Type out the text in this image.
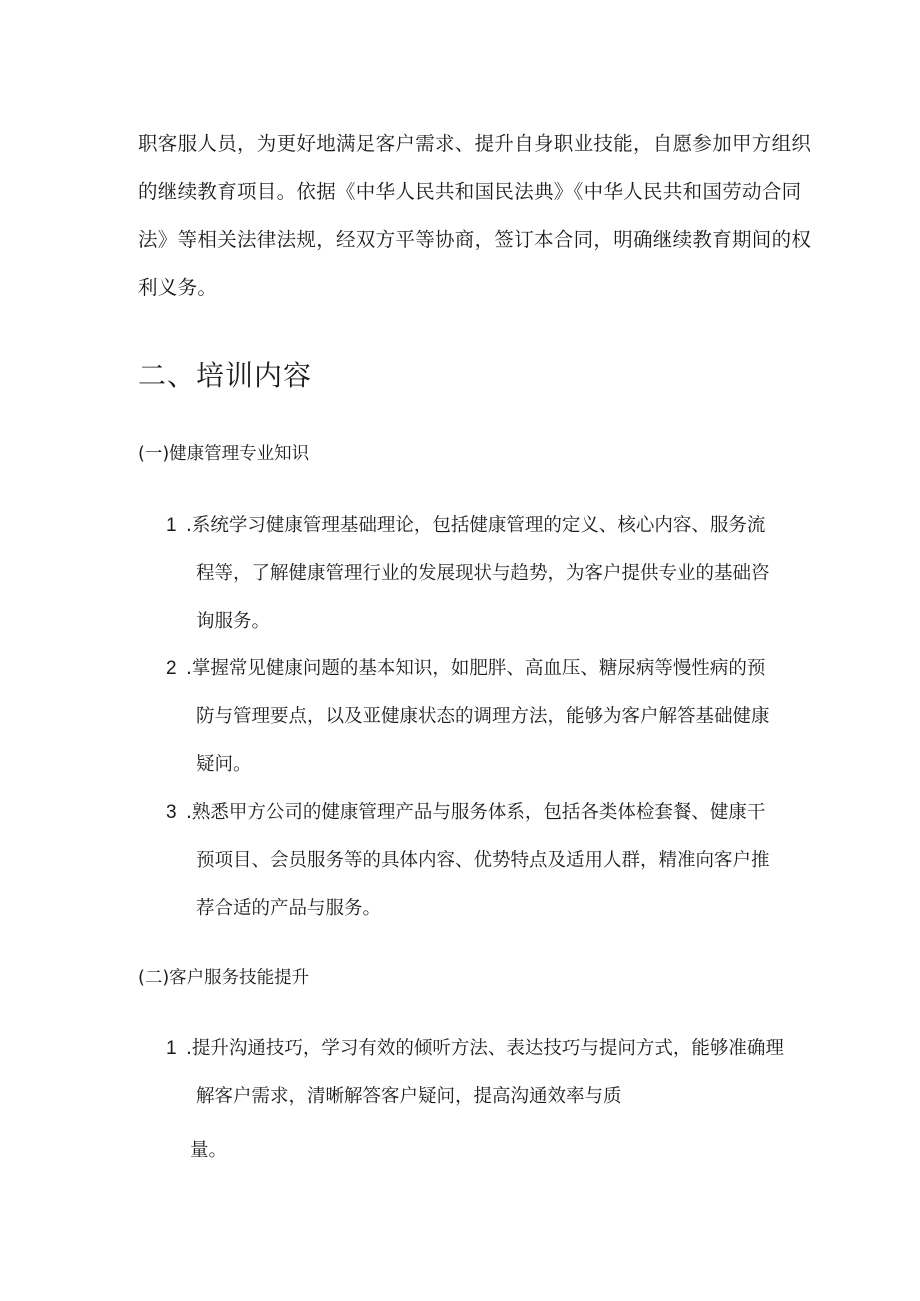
职客服人员，为更好地满足客户需求、提升自身职业技能，自愿参加甲方组织
的继续教育项目。依据《中华人民共和国民法典》《中华人民共和国劳动合同
法》等相关法律法规，经双方平等协商，签订本合同，明确继续教育期间的权
利义务。
二、培训内容
(一)健康管理专业知识
1 .系统学习健康管理基础理论，包括健康管理的定义、核心内容、服务流
程等，了解健康管理行业的发展现状与趋势，为客户提供专业的基础咨
询服务。
2 .掌握常见健康问题的基本知识，如肥胖、高血压、糖尿病等慢性病的预
防与管理要点，以及亚健康状态的调理方法，能够为客户解答基础健康
疑问。
3 .熟悉甲方公司的健康管理产品与服务体系，包括各类体检套餐、健康干
预项目、会员服务等的具体内容、优势特点及适用人群，精准向客户推
荐合适的产品与服务。
(二)客户服务技能提升
1 .提升沟通技巧，学习有效的倾听方法、表达技巧与提问方式，能够准确理
解客户需求，清晰解答客户疑问，提高沟通效率与质
量。
